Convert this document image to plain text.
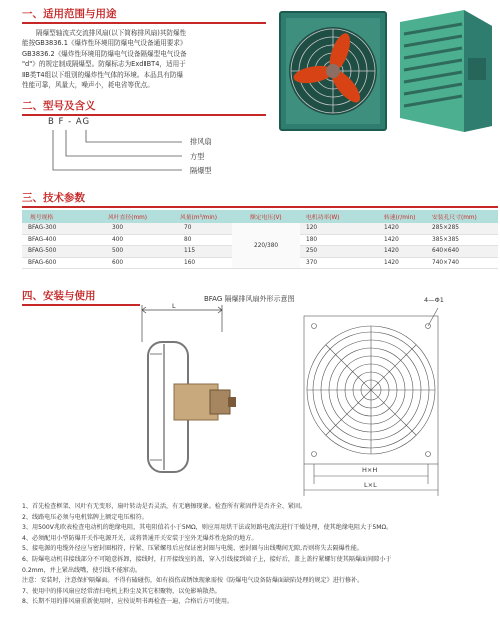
一、适用范围与用途
隔爆型轴流式交流排风扇(以下简称排风扇)其防爆性
能按GB3836.1《爆炸性环境用防爆电气设备通用要求》
GB3836.2《爆炸性环境用防爆电气设备隔爆型电气设备
"d"》的规定制成隔爆型。防爆标志为ExdⅡBT4，适用于
ⅡB类T4组以下组别的爆炸性气体的环境。本品具有防爆
性能可靠，风量大，噪声小，耗电省等优点。
二、型号及含义
B F - AG
排风扇
方型
隔爆型
三、技术参数
规号规格	风叶直径(mm)	风量(m³/min)	额定电压(V)	电机功率(W)	转速(r/min)	安装孔尺寸(mm)
BFAG-300	300	70	220/380	120	1420	285×285
BFAG-400	400	80		180	1420	385×385
BFAG-500	500	115		250	1420	640×640
BFAG-600	600	160		370	1420	740×740
四、安装与使用	BFAG 隔爆排风扇外形示意图
L
4—Φ1
H×H
L×L
1、首先检查框架、风叶有无变形，扇叶转动是否灵活，有无磨擦现象。检查所有紧固件是否齐全、紧固。
2、线路电压必须与电机铭牌上额定电压相符。
3、用500V兆欧表检查电动机的绝缘电阻，其电阻值若小于5MΩ，则应用用烘干法或短路电流法进行干燥处理，使其绝缘电阻大于5MΩ。
4、必须配用小型防爆开关作电源开关，或将普通开关安装于室外无爆炸性危险的地方。
5、接电源的电缆外径应与密封圈相符，拧紧、压紧螺母后应保证密封圈与电缆、密封圈与出线嘴间无隙,否则将失去隔爆性能。
6、防爆电动机非接线部分不可随意拆卸，接线时，打开接线室的盖，穿入引线接到端子上，接好后，盖上盖拧紧螺钉使其隔爆面间隙小于
0.2mm，并上紧出线嘴，使引线不能窜动。
注意：安装时，注意保护隔爆面。不得有磕碰伤，如有损伤或锈蚀现象需按《防爆电气设备防爆面缺陷处理的规定》进行修补。
7、使用中的排风扇应经常清扫电机上粉尘及其它积聚物，以免影响散热。
8、长期不用的排风扇重新使用时，应按说明书再检查一遍，合格后方可使用。
